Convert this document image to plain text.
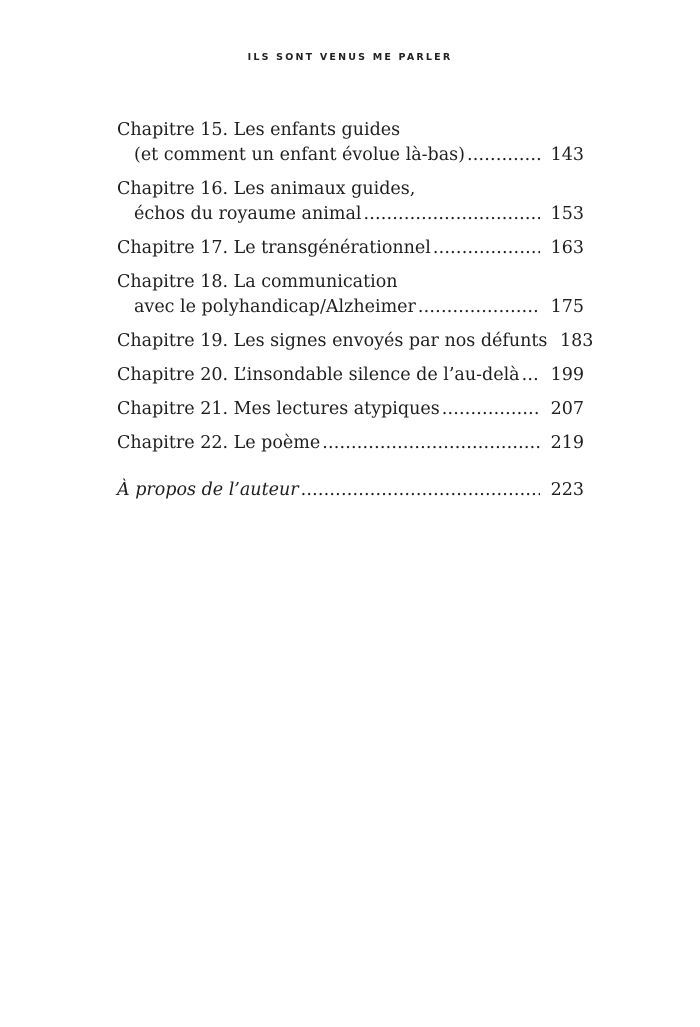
ILS SONT VENUS ME PARLER
Chapitre 15. Les enfants guides
(et comment un enfant évolue là-bas) .....	143
Chapitre 16. Les animaux guides,
échos du royaume animal .....	153
Chapitre 17. Le transgénérationnel .....	163
Chapitre 18. La communication
avec le polyhandicap/Alzheimer .....	175
Chapitre 19. Les signes envoyés par nos défunts 183
Chapitre 20. L’insondable silence de l’au-delà .....	199
Chapitre 21. Mes lectures atypiques .....	207
Chapitre 22. Le poème .....	219
À propos de l’auteur .....	223
